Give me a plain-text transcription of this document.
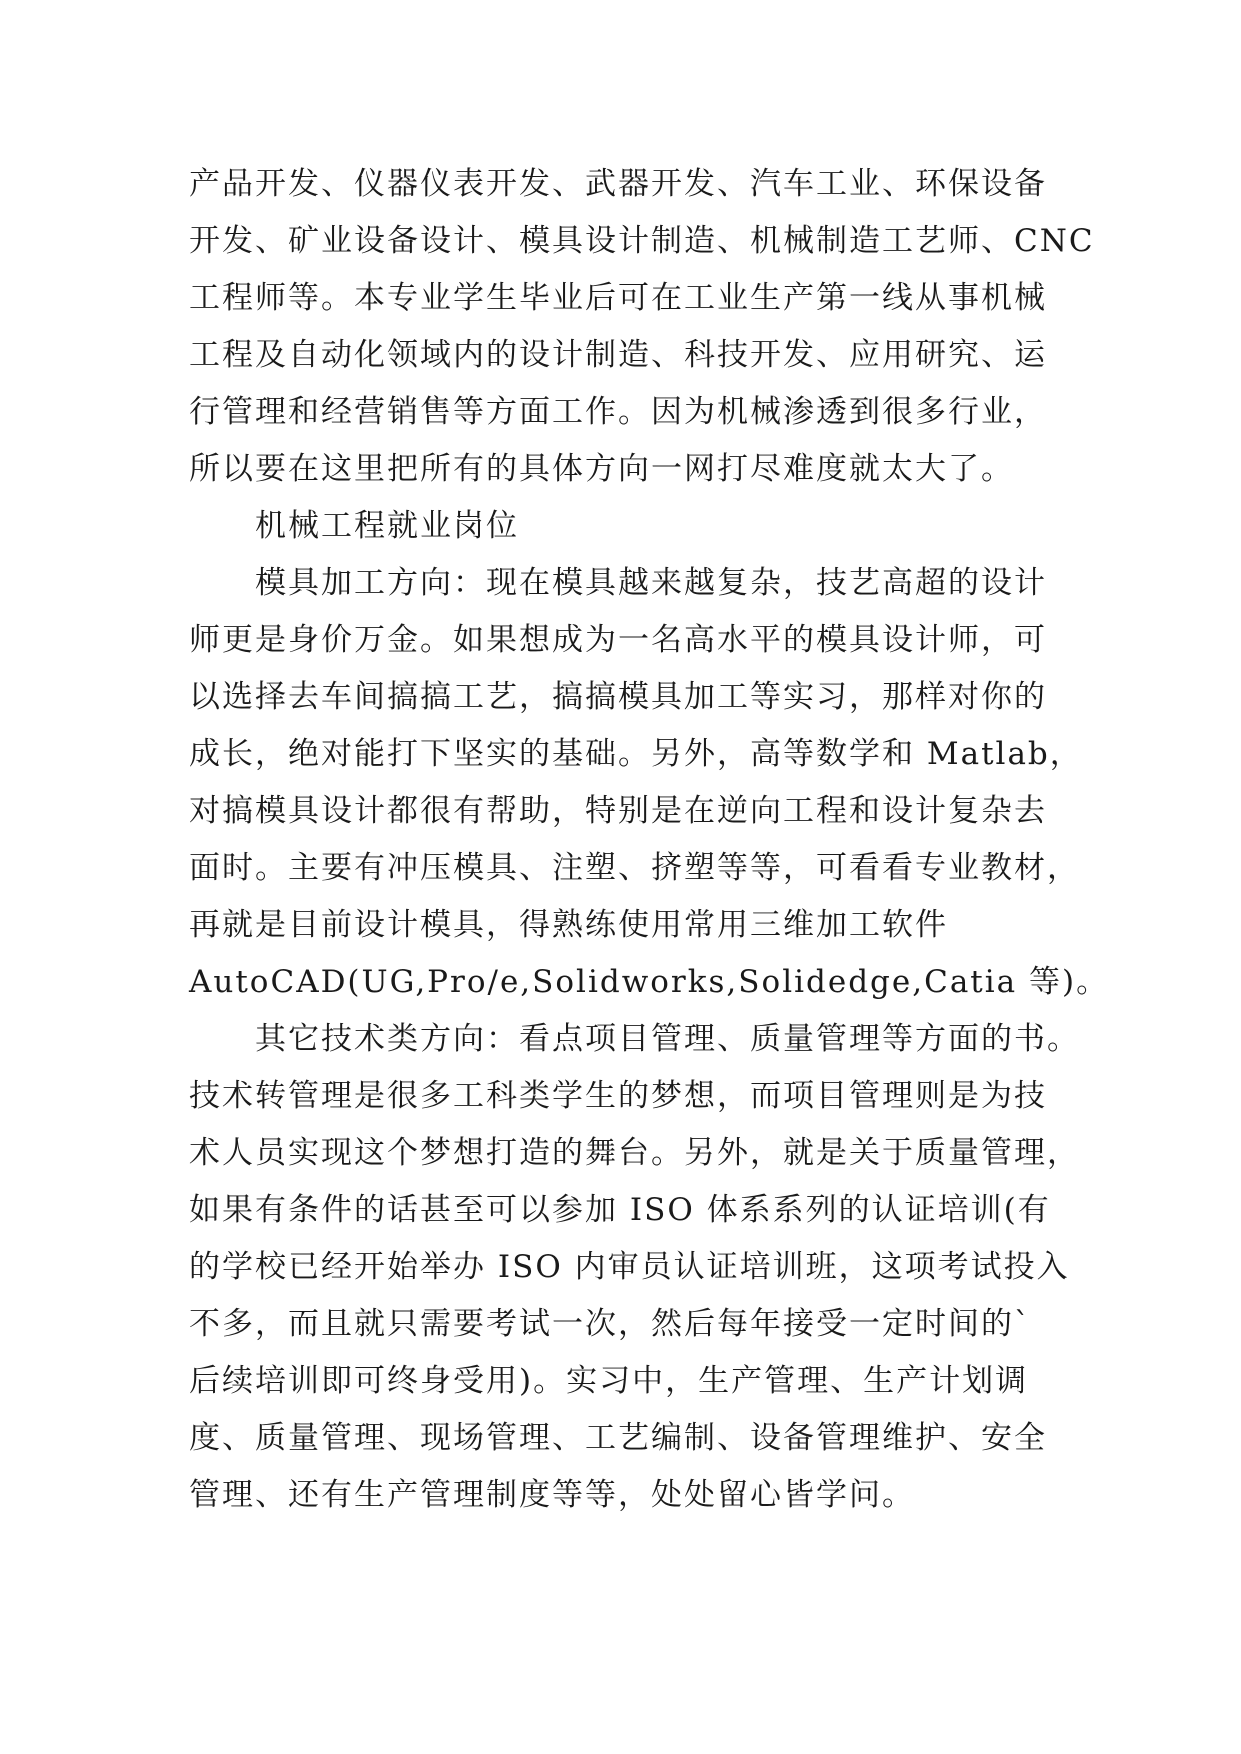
产品开发、仪器仪表开发、武器开发、汽车工业、环保设备
开发、矿业设备设计、模具设计制造、机械制造工艺师、CNC
工程师等。本专业学生毕业后可在工业生产第一线从事机械
工程及自动化领域内的设计制造、科技开发、应用研究、运
行管理和经营销售等方面工作。因为机械渗透到很多行业，
所以要在这里把所有的具体方向一网打尽难度就太大了。
机械工程就业岗位
模具加工方向：现在模具越来越复杂，技艺高超的设计
师更是身价万金。如果想成为一名高水平的模具设计师，可
以选择去车间搞搞工艺，搞搞模具加工等实习，那样对你的
成长，绝对能打下坚实的基础。另外，高等数学和 Matlab，
对搞模具设计都很有帮助，特别是在逆向工程和设计复杂去
面时。主要有冲压模具、注塑、挤塑等等，可看看专业教材，
再就是目前设计模具，得熟练使用常用三维加工软件
AutoCAD(UG,Pro/e,Solidworks,Solidedge,Catia 等)。
其它技术类方向：看点项目管理、质量管理等方面的书。
技术转管理是很多工科类学生的梦想，而项目管理则是为技
术人员实现这个梦想打造的舞台。另外，就是关于质量管理，
如果有条件的话甚至可以参加 ISO 体系系列的认证培训(有
的学校已经开始举办 ISO 内审员认证培训班，这项考试投入
不多，而且就只需要考试一次，然后每年接受一定时间的`
后续培训即可终身受用)。实习中，生产管理、生产计划调
度、质量管理、现场管理、工艺编制、设备管理维护、安全
管理、还有生产管理制度等等，处处留心皆学问。
